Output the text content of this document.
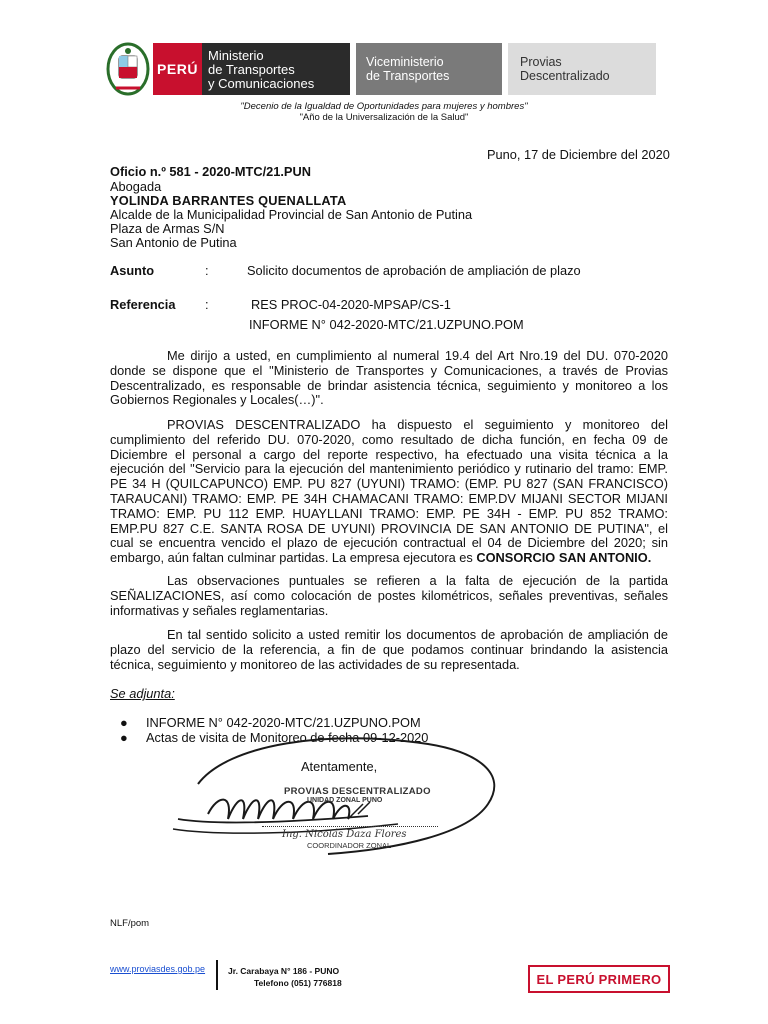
PERÚ
Ministerio
de Transportes
y Comunicaciones
Viceministerio
de Transportes
Provias
Descentralizado
"Decenio de la Igualdad de Oportunidades para mujeres y hombres"
"Año de la Universalización de la Salud"
Puno, 17 de Diciembre del 2020
Oficio n.º 581 - 2020-MTC/21.PUN
Abogada
YOLINDA BARRANTES QUENALLATA
Alcalde de la Municipalidad Provincial de San Antonio de Putina
Plaza de Armas S/N
San Antonio de Putina
Asunto	:	Solicito documentos de aprobación de ampliación de plazo
Referencia :	RES PROC-04-2020-MPSAP/CS-1
INFORME N° 042-2020-MTC/21.UZPUNO.POM

Me dirijo a usted, en cumplimiento al numeral 19.4 del Art Nro.19 del DU. 070-2020 donde se dispone que el "Ministerio de Transportes y Comunicaciones, a través de Provias Descentralizado, es responsable de brindar asistencia técnica, seguimiento y monitoreo a los Gobiernos Regionales y Locales(…)".

PROVIAS DESCENTRALIZADO ha dispuesto el seguimiento y monitoreo del cumplimiento del referido DU. 070-2020, como resultado de dicha función, en fecha 09 de Diciembre el personal a cargo del reporte respectivo, ha efectuado una visita técnica a la ejecución del "Servicio para la ejecución del mantenimiento periódico y rutinario del tramo: EMP. PE 34 H (QUILCAPUNCO) EMP. PU 827 (UYUNI) TRAMO: (EMP. PU 827 (SAN FRANCISCO) TARAUCANI) TRAMO: EMP. PE 34H CHAMACANI TRAMO: EMP.DV MIJANI SECTOR MIJANI TRAMO: EMP. PU 112 EMP. HUAYLLANI TRAMO: EMP. PE 34H - EMP. PU 852 TRAMO: EMP.PU 827 C.E. SANTA ROSA DE UYUNI) PROVINCIA DE SAN ANTONIO DE PUTINA", el cual se encuentra vencido el plazo de ejecución contractual el 04 de Diciembre del 2020; sin embargo, aún faltan culminar partidas. La empresa ejecutora es CONSORCIO SAN ANTONIO.

Las observaciones puntuales se refieren a la falta de ejecución de la partida SEÑALIZACIONES, así como colocación de postes kilométricos, señales preventivas, señales informativas y señales reglamentarias.

En tal sentido solicito a usted remitir los documentos de aprobación de ampliación de plazo del servicio de la referencia, a fin de que podamos continuar brindando la asistencia técnica, seguimiento y monitoreo de las actividades de su representada.

Se adjunta:
● INFORME N° 042-2020-MTC/21.UZPUNO.POM
● Actas de visita de Monitoreo de fecha 09-12-2020
Atentamente,
PROVIAS DESCENTRALIZADO
UNIDAD ZONAL PUNO
Ing. Nicolás Daza Flores
COORDINADOR ZONAL
NLF/pom
www.proviasdes.gob.pe	Jr. Carabaya N° 186 - PUNO
Telefono (051) 776818	EL PERÚ PRIMERO
